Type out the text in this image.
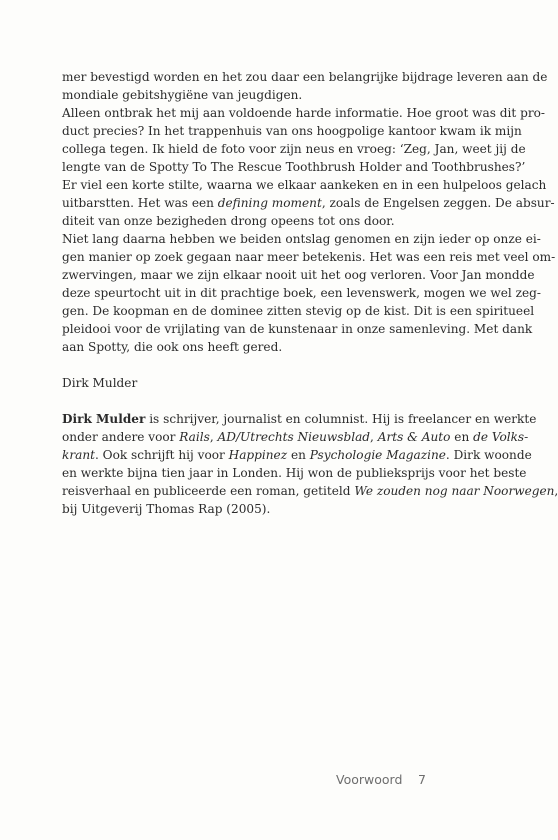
mer bevestigd worden en het zou daar een belangrijke bijdrage leveren aan de
mondiale gebitshygiëne van jeugdigen.
Alleen ontbrak het mij aan voldoende harde informatie. Hoe groot was dit pro-
duct precies? In het trappenhuis van ons hoogpolige kantoor kwam ik mijn
collega tegen. Ik hield de foto voor zijn neus en vroeg: ‘Zeg, Jan, weet jij de
lengte van de Spotty To The Rescue Toothbrush Holder and Toothbrushes?’
Er viel een korte stilte, waarna we elkaar aankeken en in een hulpeloos gelach
uitbarstten. Het was een defining moment, zoals de Engelsen zeggen. De absur-
diteit van onze bezigheden drong opeens tot ons door.
Niet lang daarna hebben we beiden ontslag genomen en zijn ieder op onze ei-
gen manier op zoek gegaan naar meer betekenis. Het was een reis met veel om-
zwervingen, maar we zijn elkaar nooit uit het oog verloren. Voor Jan mondde
deze speurtocht uit in dit prachtige boek, een levenswerk, mogen we wel zeg-
gen. De koopman en de dominee zitten stevig op de kist. Dit is een spiritueel
pleidooi voor de vrijlating van de kunstenaar in onze samenleving. Met dank
aan Spotty, die ook ons heeft gered.
Dirk Mulder
Dirk Mulder is schrijver, journalist en columnist. Hij is freelancer en werkte
onder andere voor Rails, AD/Utrechts Nieuwsblad, Arts & Auto en de Volks-
krant. Ook schrijft hij voor Happinez en Psychologie Magazine. Dirk woonde
en werkte bijna tien jaar in Londen. Hij won de publieksprijs voor het beste
reisverhaal en publiceerde een roman, getiteld We zouden nog naar Noorwegen,
bij Uitgeverij Thomas Rap (2005).
Voorwoord 7
